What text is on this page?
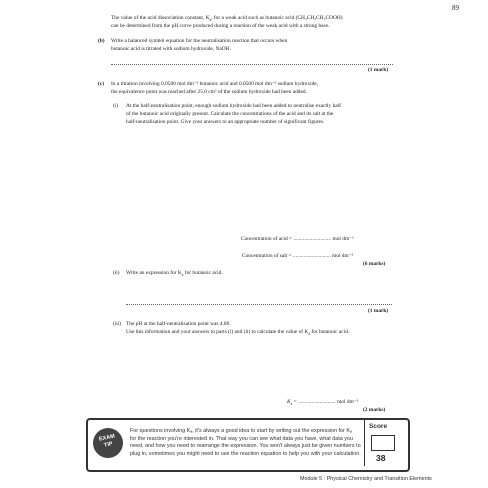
89
The value of the acid dissociation constant, $K_a$, for a weak acid such as butanoic acid (CH₃CH₂CH₂COOH)
can be determined from the pH curve produced during a reaction of the weak acid with a strong base.
(b) Write a balanced symbol equation for the neutralisation reaction that occurs when
butanoic acid is titrated with sodium hydroxide, NaOH.
(1 mark)
(c) In a titration involving 0.0500 mol dm⁻³ butanoic acid and 0.0500 mol dm⁻³ sodium hydroxide,
the equivalence point was reached after 25.0 cm³ of the sodium hydroxide had been added.
(i) At the half-neutralisation point, enough sodium hydroxide had been added to neutralise exactly half
of the butanoic acid originally present. Calculate the concentrations of the acid and its salt at the
half-neutralisation point. Give your answers to an appropriate number of significant figures.
Concentration of acid = ............................ mol dm⁻³
Concentration of salt = ............................ mol dm⁻³
(6 marks)
(ii) Write an expression for $K_a$ for butanoic acid.
(1 mark)
(iii) The pH at the half-neutralisation point was 4.80.
Use this information and your answers to parts (i) and (ii) to calculate the value of $K_a$ for butanoic acid.
$K_a$ = ............................ mol dm⁻³
(2 marks)
EXAM
TIP
For questions involving Kₐ, it's always a good idea to start by writing out the expression for Kₐ
for the reaction you're interested in. That way you can see what data you have, what data you
need, and how you need to rearrange the expression. You won't always just be given numbers to
plug in, sometimes you might need to use the reaction equation to help you with your calculation.
Score
38
Module 5 : Physical Chemistry and Transition Elements
